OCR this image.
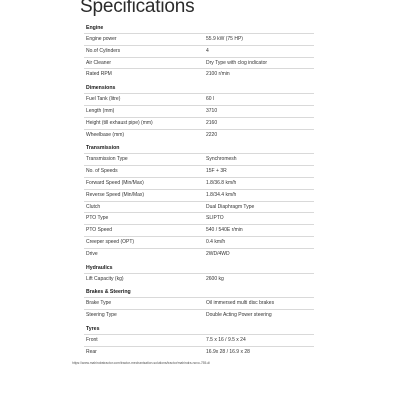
Specifications
Engine
Engine power	55.9 kW (75 HP)
No.of Cylinders	4
Air Cleaner	Dry Type with clog indicator
Rated RPM	2100 r/min
Dimensions
Fuel Tank (litre)	60 l
Length (mm)	3710
Height (till exhaust pipe) (mm)	2160
Wheelbase (mm)	2220
Transmission
Transmission Type	Synchromesh
No. of Speeds	15F + 3R
Forward Speed (Min/Max)	1.8/36.8 km/h
Reverse Speed (Min/Max)	1.8/34.4 km/h
Clutch	Dual Diaphragm Type
PTO Type	SLIPTO
PTO Speed	540 / 540E r/min
Creeper speed (OPT)	0.4 km/h
Drive	2WD/4WD
Hydraulics
Lift Capacity (kg)	2600 kg
Brakes & Steering
Brake Type	Oil immersed multi disc brakes
Steering Type	Double Acting Power steering
Tyres
Front	7.5 x 16 / 9.5 x 24
Rear	16.9x 28 / 16.9 x 28
https://www.mahindratractor.com/tractor-mechanisation-solutions/tractor/mahindra-novo-755-di
